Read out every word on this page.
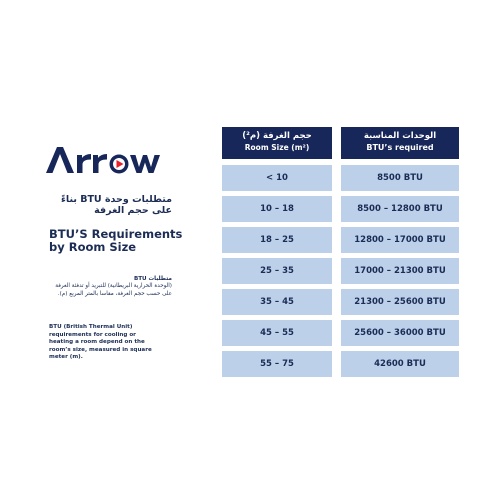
متطلبات وحدة BTU بناءً على حجم الغرفة
BTU’S Requirements
by Room Size
متطلبات BTU
(الوحدة الحرارية البريطانية) للتبريد أو تدفئة الغرفة على حسب حجم الغرفة، مقاسا بالمتر المربع (م).
BTU (British Thermal Unit) requirements for cooling or heating a room depend on the room’s size, measured in square meter (m).
حجم الغرفة (م²)
Room Size (m²)
الوحدات المناسبة
BTU’s required
< 10	8500 BTU
10 – 18	8500 – 12800 BTU
18 – 25	12800 – 17000 BTU
25 – 35	17000 – 21300 BTU
35 – 45	21300 – 25600 BTU
45 – 55	25600 – 36000 BTU
55 – 75	42600 BTU
